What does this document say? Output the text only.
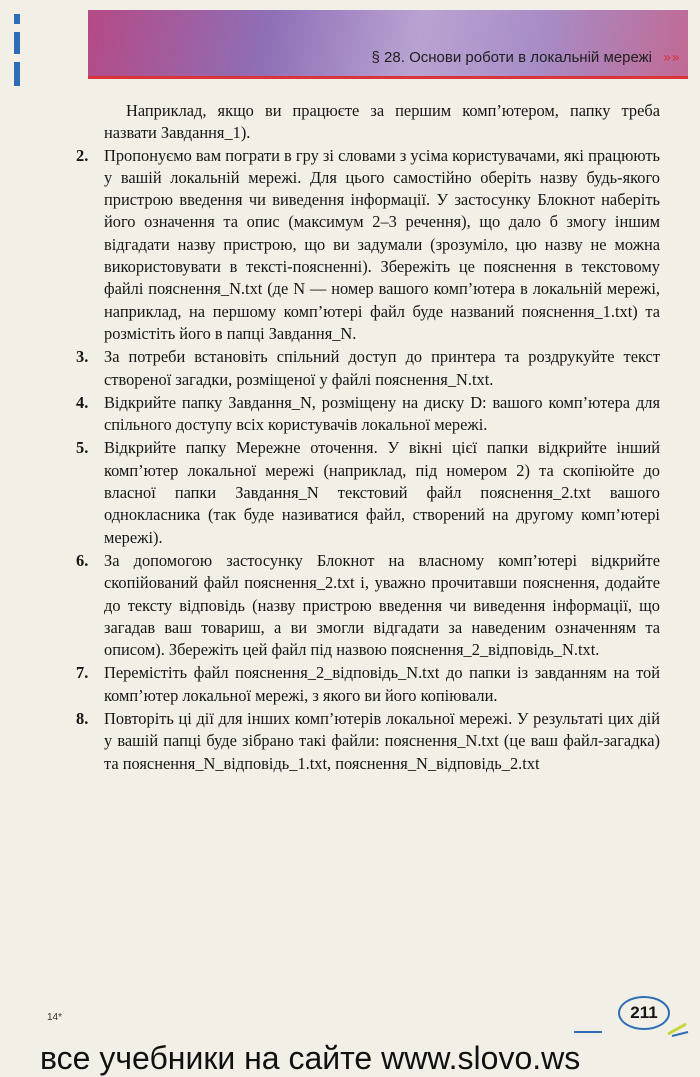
§ 28. Основи роботи в локальній мережі »»

Наприклад, якщо ви працюєте за першим комп’ютером, папку треба назвати Завдання_1).

2. Пропонуємо вам пограти в гру зі словами з усіма користувачами, які працюють у вашій локальній мережі. Для цього самостійно оберіть назву будь-якого пристрою введення чи виведення інформації. У застосунку Блокнот наберіть його означення та опис (максимум 2–3 речення), що дало б змогу іншим відгадати назву пристрою, що ви задумали (зрозуміло, цю назву не можна використовувати в тексті-поясненні). Збережіть це пояснення в текстовому файлі пояснення_N.txt (де N — номер вашого комп’ютера в локальній мережі, наприклад, на першому комп’ютері файл буде названий пояснення_1.txt) та розмістіть його в папці Завдання_N.
3. За потреби встановіть спільний доступ до принтера та роздрукуйте текст створеної загадки, розміщеної у файлі пояснення_N.txt.
4. Відкрийте папку Завдання_N, розміщену на диску D: вашого комп’ютера для спільного доступу всіх користувачів локальної мережі.
5. Відкрийте папку Мережне оточення. У вікні цієї папки відкрийте інший комп’ютер локальної мережі (наприклад, під номером 2) та скопіюйте до власної папки Завдання_N текстовий файл пояснення_2.txt вашого однокласника (так буде називатися файл, створений на другому комп’ютері мережі).
6. За допомогою застосунку Блокнот на власному комп’ютері відкрийте скопійований файл пояснення_2.txt і, уважно прочитавши пояснення, додайте до тексту відповідь (назву пристрою введення чи виведення інформації, що загадав ваш товариш, а ви змогли відгадати за наведеним означенням та описом). Збережіть цей файл під назвою пояснення_2_відповідь_N.txt.
7. Перемістіть файл пояснення_2_відповідь_N.txt до папки із завданням на той комп’ютер локальної мережі, з якого ви його копіювали.
8. Повторіть ці дії для інших комп’ютерів локальної мережі. У результаті цих дій у вашій папці буде зібрано такі файли: пояснення_N.txt (це ваш файл-загадка) та пояснення_N_відповідь_1.txt, пояснення_N_відповідь_2.txt
14*	211
все учебники на сайте www.slovo.ws
